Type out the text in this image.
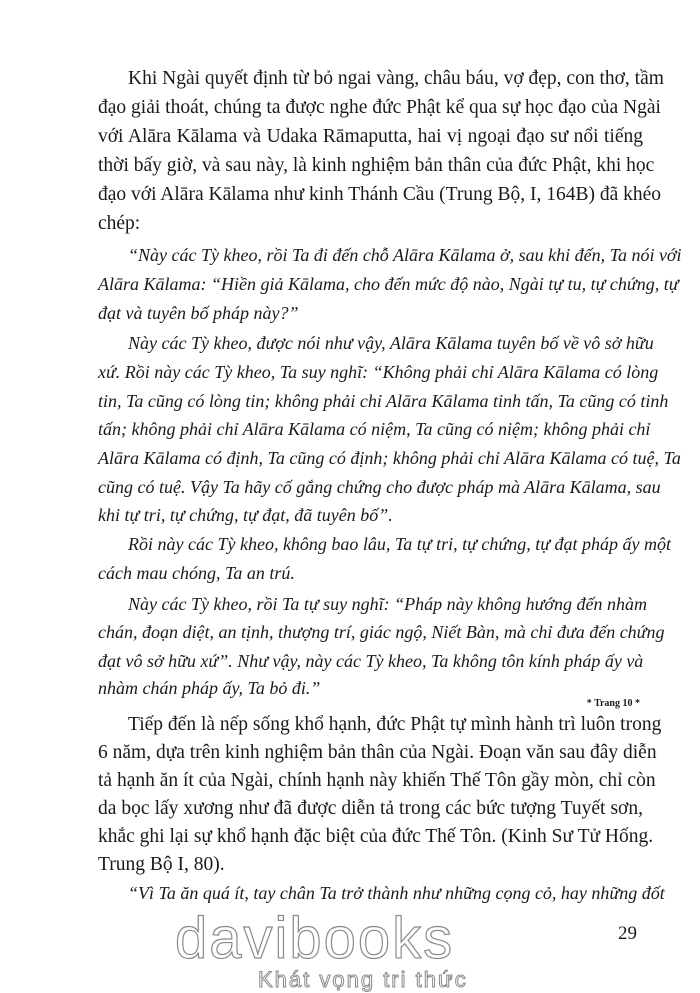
Khi Ngài quyết định từ bỏ ngai vàng, châu báu, vợ đẹp, con thơ, tầm
đạo giải thoát, chúng ta được nghe đức Phật kể qua sự học đạo của Ngài
với Alāra Kālama và Udaka Rāmaputta, hai vị ngoại đạo sư nổi tiếng
thời bấy giờ, và sau này, là kinh nghiệm bản thân của đức Phật, khi học
đạo với Alāra Kālama như kinh Thánh Cầu (Trung Bộ, I, 164B) đã khéo
chép:
“Này các Tỳ kheo, rồi Ta đi đến chỗ Alāra Kālama ở, sau khi đến, Ta nói với
Alāra Kālama: “Hiền giả Kālama, cho đến mức độ nào, Ngài tự tu, tự chứng, tự
đạt và tuyên bố pháp này?”
Này các Tỳ kheo, được nói như vậy, Alāra Kālama tuyên bố về vô sở hữu
xứ. Rồi này các Tỳ kheo, Ta suy nghĩ: “Không phải chỉ Alāra Kālama có lòng
tin, Ta cũng có lòng tin; không phải chỉ Alāra Kālama tinh tấn, Ta cũng có tinh
tấn; không phải chỉ Alāra Kālama có niệm, Ta cũng có niệm; không phải chỉ
Alāra Kālama có định, Ta cũng có định; không phải chỉ Alāra Kālama có tuệ, Ta
cũng có tuệ. Vậy Ta hãy cố gắng chứng cho được pháp mà Alāra Kālama, sau
khi tự tri, tự chứng, tự đạt, đã tuyên bố”.
Rồi này các Tỳ kheo, không bao lâu, Ta tự tri, tự chứng, tự đạt pháp ấy một
cách mau chóng, Ta an trú.
Này các Tỳ kheo, rồi Ta tự suy nghĩ: “Pháp này không hướng đến nhàm
chán, đoạn diệt, an tịnh, thượng trí, giác ngộ, Niết Bàn, mà chỉ đưa đến chứng
đạt vô sở hữu xứ”. Như vậy, này các Tỳ kheo, Ta không tôn kính pháp ấy và
nhàm chán pháp ấy, Ta bỏ đi.”
Tiếp đến là nếp sống khổ hạnh, đức Phật tự mình hành trì luôn trong
6 năm, dựa trên kinh nghiệm bản thân của Ngài. Đoạn văn sau đây diễn
tả hạnh ăn ít của Ngài, chính hạnh này khiến Thế Tôn gầy mòn, chỉ còn
da bọc lấy xương như đã được diễn tả trong các bức tượng Tuyết sơn,
khắc ghi lại sự khổ hạnh đặc biệt của đức Thế Tôn. (Kinh Sư Tử Hống.
Trung Bộ I, 80).
“Vì Ta ăn quá ít, tay chân Ta trở thành như những cọng cỏ, hay những đốt
* Trang 10 *
davibooks
Khát vọng tri thức
29
